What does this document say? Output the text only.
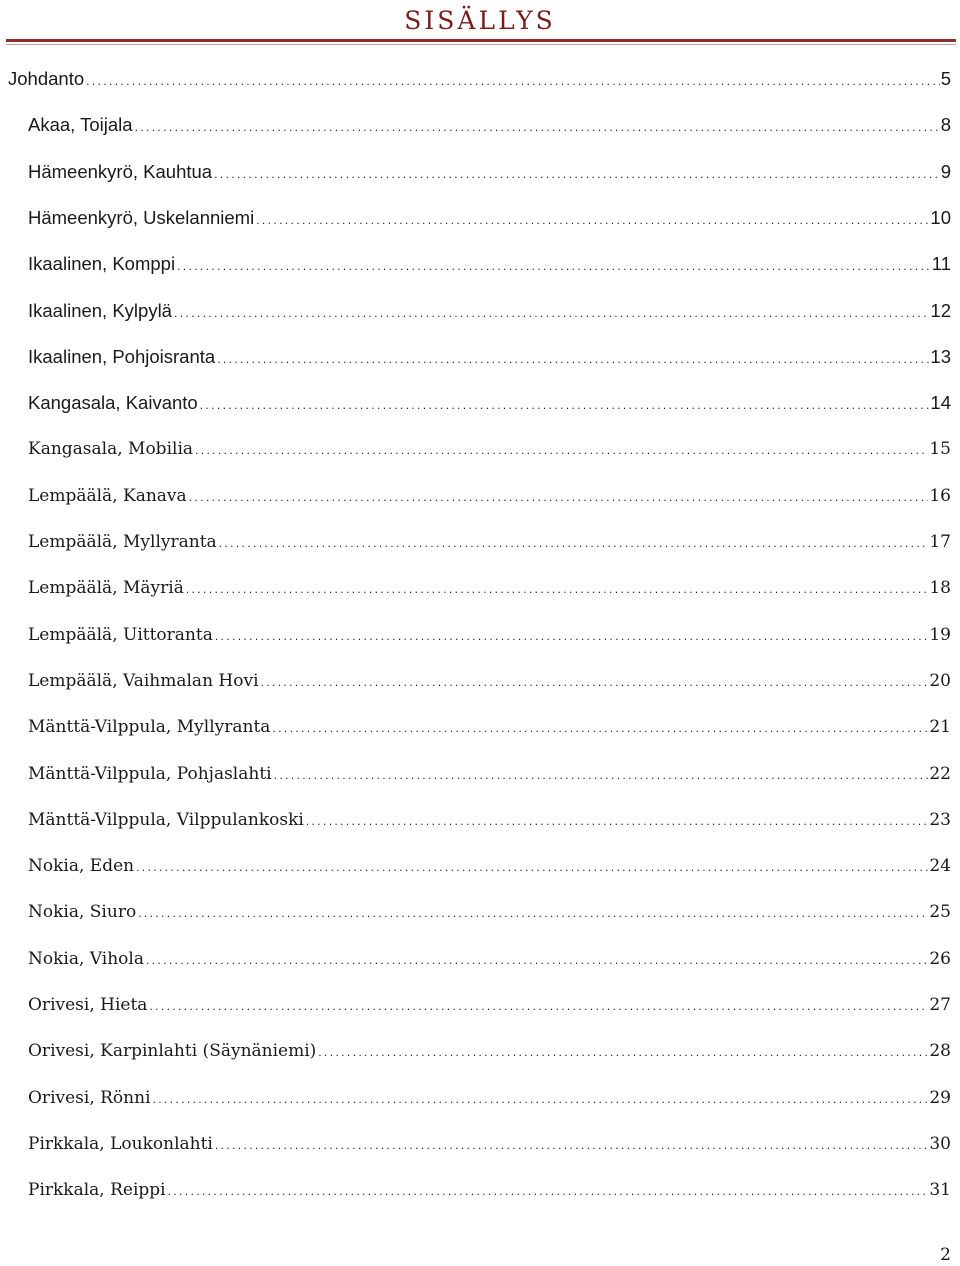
SISÄLLYS
Johdanto .....	5
Akaa, Toijala .....	8
Hämeenkyrö, Kauhtua .....	9
Hämeenkyrö, Uskelanniemi .....	10
Ikaalinen, Komppi .....	11
Ikaalinen, Kylpylä .....	12
Ikaalinen, Pohjoisranta .....	13
Kangasala, Kaivanto .....	14
Kangasala, Mobilia .....	15
Lempäälä, Kanava .....	16
Lempäälä, Myllyranta .....	17
Lempäälä, Mäyriä .....	18
Lempäälä, Uittoranta .....	19
Lempäälä, Vaihmalan Hovi .....	20
Mänttä-Vilppula, Myllyranta .....	21
Mänttä-Vilppula, Pohjaslahti .....	22
Mänttä-Vilppula, Vilppulankoski .....	23
Nokia, Eden .....	24
Nokia, Siuro .....	25
Nokia, Vihola .....	26
Orivesi, Hieta .....	27
Orivesi, Karpinlahti (Säynäniemi) .....	28
Orivesi, Rönni .....	29
Pirkkala, Loukonlahti .....	30
Pirkkala, Reippi .....	31
2
